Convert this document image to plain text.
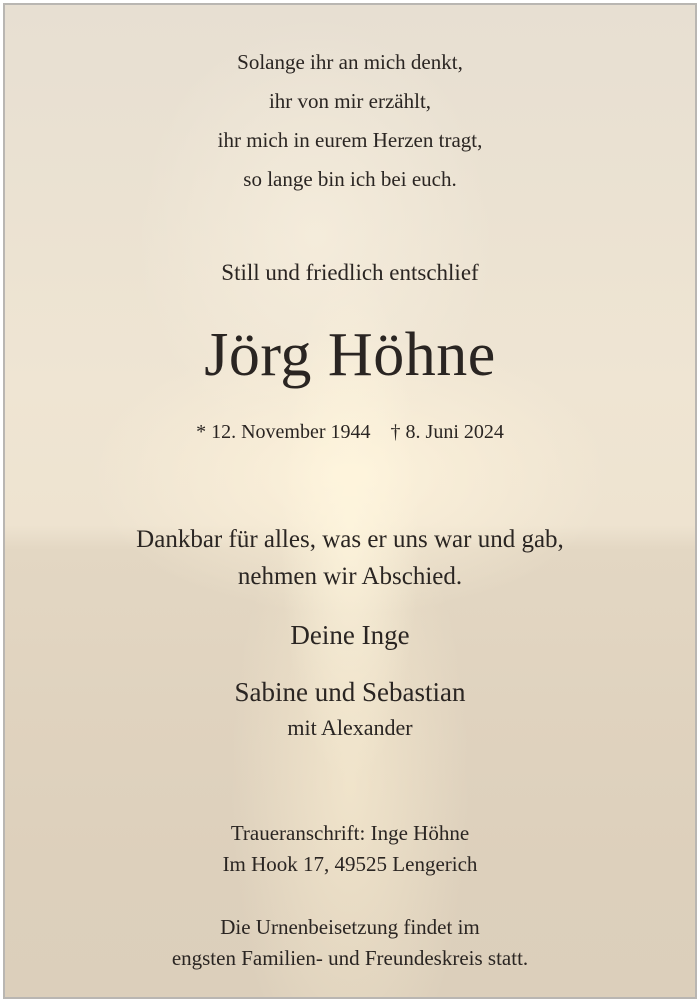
Solange ihr an mich denkt,
ihr von mir erzählt,
ihr mich in eurem Herzen tragt,
so lange bin ich bei euch.
Still und friedlich entschlief
Jörg Höhne
* 12. November 1944 † 8. Juni 2024
Dankbar für alles, was er uns war und gab,
nehmen wir Abschied.
Deine Inge
Sabine und Sebastian
mit Alexander
Traueranschrift: Inge Höhne
Im Hook 17, 49525 Lengerich
Die Urnenbeisetzung findet im
engsten Familien- und Freundeskreis statt.
